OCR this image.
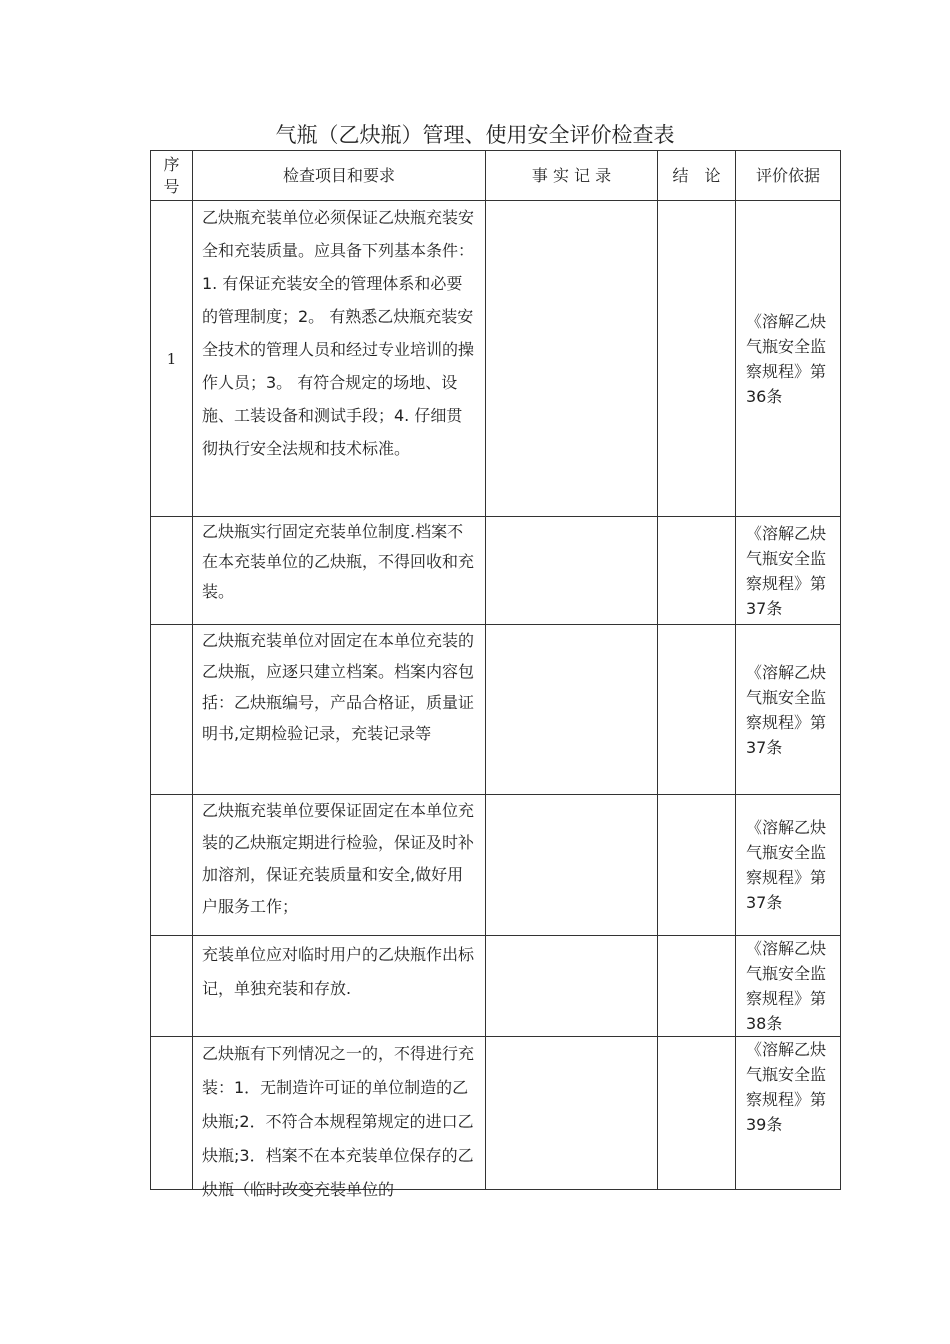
气瓶（乙炔瓶）管理、使用安全评价检查表
序号	检查项目和要求	事 实 记 录	结　论	评价依据
1	乙炔瓶充装单位必须保证乙炔瓶充装安全和充装质量。应具备下列基本条件：1. 有保证充装安全的管理体系和必要的管理制度；2。 有熟悉乙炔瓶充装安全技术的管理人员和经过专业培训的操作人员；3。 有符合规定的场地、设施、工装设备和测试手段；4. 仔细贯彻执行安全法规和技术标准。			《溶解乙炔气瓶安全监察规程》第36条
	乙炔瓶实行固定充装单位制度.档案不在本充装单位的乙炔瓶，不得回收和充装。			《溶解乙炔气瓶安全监察规程》第37条
	乙炔瓶充装单位对固定在本单位充装的乙炔瓶，应逐只建立档案。档案内容包括：乙炔瓶编号，产品合格证，质量证明书,定期检验记录，充装记录等			《溶解乙炔气瓶安全监察规程》第37条
	乙炔瓶充装单位要保证固定在本单位充装的乙炔瓶定期进行检验，保证及时补加溶剂，保证充装质量和安全,做好用户服务工作；			《溶解乙炔气瓶安全监察规程》第37条
	充装单位应对临时用户的乙炔瓶作出标记，单独充装和存放.			《溶解乙炔气瓶安全监察规程》第38条

	乙炔瓶有下列情况之一的，不得进行充装：1．无制造许可证的单位制造的乙炔瓶;2．不符合本规程第规定的进口乙炔瓶;3．档案不在本充装单位保存的乙炔瓶（临时改变充装单位的			《溶解乙炔气瓶安全监察规程》第39条
